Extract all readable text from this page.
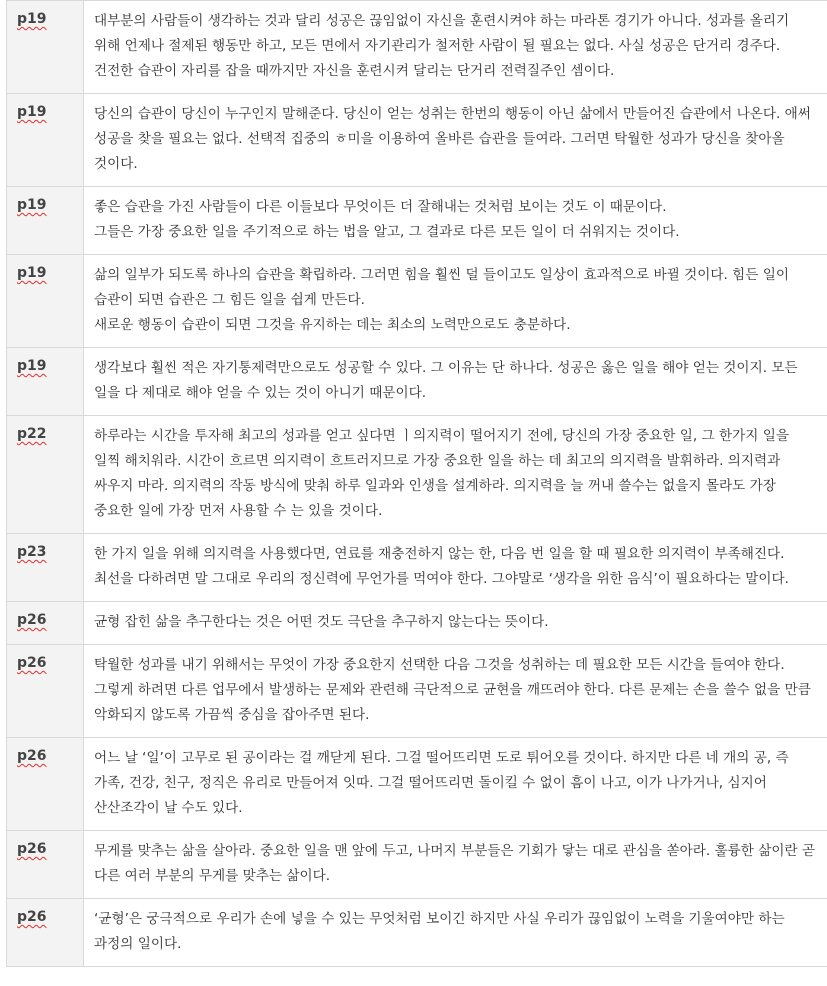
p19	대부분의 사람들이 생각하는 것과 달리 성공은 끊임없이 자신을 훈련시켜야 하는 마라톤 경기가 아니다. 성과를 올리기 위해 언제나 절제된 행동만 하고, 모든 면에서 자기관리가 철저한 사람이 될 필요는 없다. 사실 성공은 단거리 경주다. 건전한 습관이 자리를 잡을 때까지만 자신을 훈련시켜 달리는 단거리 전력질주인 셈이다.
p19	당신의 습관이 당신이 누구인지 말해준다. 당신이 얻는 성취는 한번의 행동이 아닌 삶에서 만들어진 습관에서 나온다. 애써 성공을 찾을 필요는 없다. 선택적 집중의 ㅎ미을 이용하여 올바른 습관을 들여라. 그러면 탁월한 성과가 당신을 찾아올 것이다.
p19	좋은 습관을 가진 사람들이 다른 이들보다 무엇이든 더 잘해내는 것처럼 보이는 것도 이 때문이다.
그들은 가장 중요한 일을 주기적으로 하는 법을 알고, 그 결과로 다른 모든 일이 더 쉬워지는 것이다.
p19	삶의 일부가 되도록 하나의 습관을 확립하라. 그러면 힘을 훨씬 덜 들이고도 일상이 효과적으로 바뀔 것이다. 힘든 일이 습관이 되면 습관은 그 힘든 일을 쉽게 만든다.
새로운 행동이 습관이 되면 그것을 유지하는 데는 최소의 노력만으로도 충분하다.
p19	생각보다 훨씬 적은 자기통제력만으로도 성공할 수 있다. 그 이유는 단 하나다. 성공은 옳은 일을 해야 얻는 것이지. 모든 일을 다 제대로 해야 얻을 수 있는 것이 아니기 때문이다.
p22	하루라는 시간을 투자해 최고의 성과를 얻고 싶다면 ㅣ의지력이 떨어지기 전에, 당신의 가장 중요한 일, 그 한가지 일을 일찍 해치워라. 시간이 흐르면 의지력이 흐트러지므로 가장 중요한 일을 하는 데 최고의 의지력을 발휘하라. 의지력과 싸우지 마라. 의지력의 작동 방식에 맞춰 하루 일과와 인생을 설계하라. 의지력을 늘 꺼내 쓸수는 없을지 몰라도 가장 중요한 일에 가장 먼저 사용할 수 는 있을 것이다.
p23	한 가지 일을 위해 의지력을 사용했다면, 연료를 재충전하지 않는 한, 다음 번 일을 할 때 필요한 의지력이 부족해진다. 최선을 다하려면 말 그대로 우리의 정신력에 무언가를 먹여야 한다. 그야말로 ‘생각을 위한 음식’이 필요하다는 말이다.
p26	균형 잡힌 삶을 추구한다는 것은 어떤 것도 극단을 추구하지 않는다는 뜻이다.
p26	탁월한 성과를 내기 위해서는 무엇이 가장 중요한지 선택한 다음 그것을 성취하는 데 필요한 모든 시간을 들여야 한다. 그렇게 하려면 다른 업무에서 발생하는 문제와 관련해 극단적으로 균현을 깨뜨려야 한다. 다른 문제는 손을 쓸수 없을 만큼 악화되지 않도록 가끔씩 중심을 잡아주면 된다.
p26	어느 날 ‘일’이 고무로 된 공이라는 걸 깨닫게 된다. 그걸 떨어뜨리면 도로 튀어오를 것이다. 하지만 다른 네 개의 공, 즉 가족, 건강, 친구, 정직은 유리로 만들어져 잇따. 그걸 떨어뜨리면 돌이킬 수 없이 흠이 나고, 이가 나가거나, 심지어 산산조각이 날 수도 있다.
p26	무게를 맞추는 삶을 살아라. 중요한 일을 맨 앞에 두고, 나머지 부분들은 기회가 닿는 대로 관심을 쏟아라. 훌륭한 삶이란 곧 다른 여러 부분의 무게를 맞추는 삶이다.
p26	‘균형’은 궁극적으로 우리가 손에 넣을 수 있는 무엇처럼 보이긴 하지만 사실 우리가 끊임없이 노력을 기울여야만 하는 과정의 일이다.
